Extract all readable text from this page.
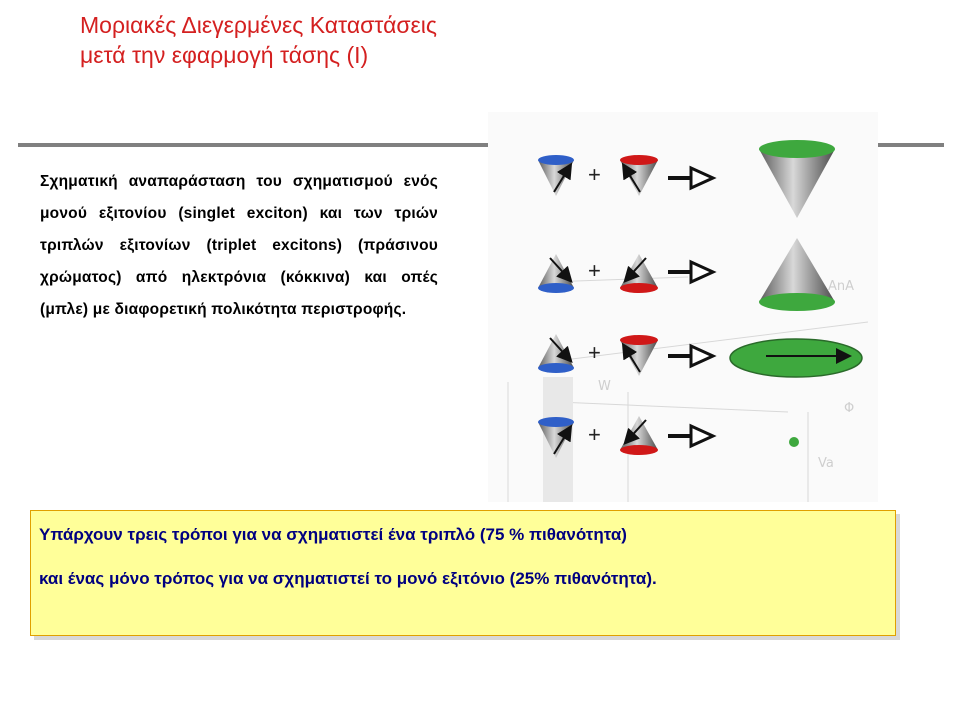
Μοριακές Διεγερμένες Καταστάσεις
μετά την εφαρμογή τάσης (Ι)
Σχηματική αναπαράσταση του σχηματισμού ενός μονού εξιτονίου (singlet exciton) και των τριών τριπλών εξιτονίων (triplet excitons) (πράσινου χρώματος) από ηλεκτρόνια (κόκκινα) και οπές (μπλε) με διαφορετική πολικότητα περιστροφής.
W
Φ
Va
AnA
+
+
+
+

Υπάρχουν τρεις τρόποι για να σχηματιστεί ένα τριπλό (75 % πιθανότητα)

και ένας μόνο τρόπος για να σχηματιστεί το μονό εξιτόνιο (25% πιθανότητα).
